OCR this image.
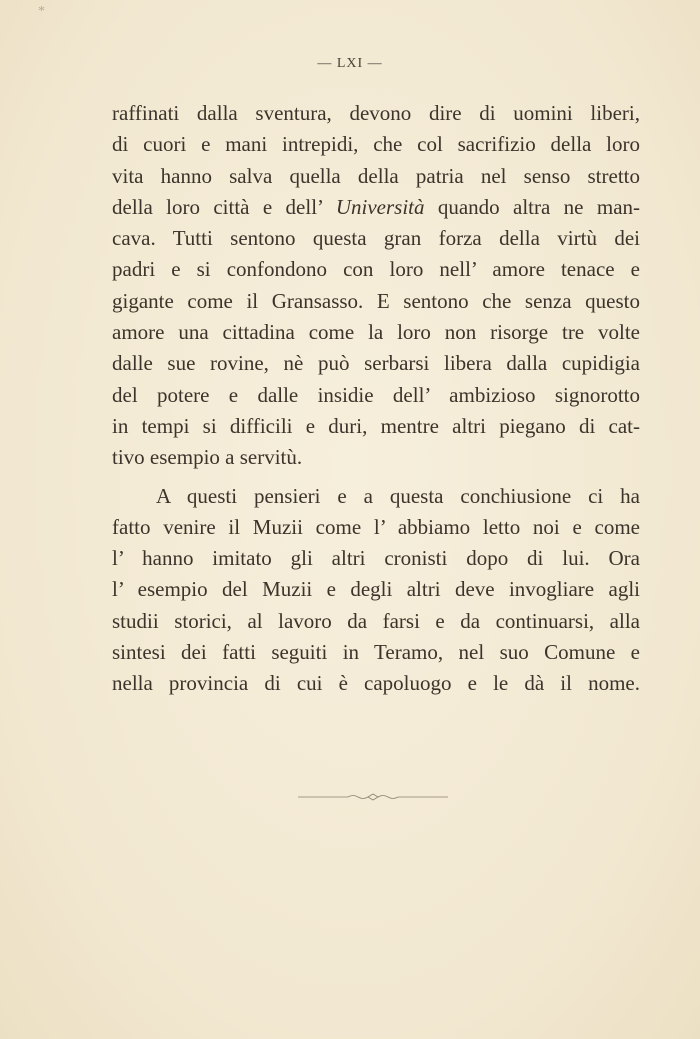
*
— LXI —

raffinati dalla sventura, devono dire di uomini liberi,
di cuori e mani intrepidi, che col sacrifizio della loro
vita hanno salva quella della patria nel senso stretto
della loro città e dell’ Università quando altra ne man-
cava. Tutti sentono questa gran forza della virtù dei
padri e si confondono con loro nell’ amore tenace e
gigante come il Gransasso. E sentono che senza questo
amore una cittadina come la loro non risorge tre volte
dalle sue rovine, nè può serbarsi libera dalla cupidigia
del potere e dalle insidie dell’ ambizioso signorotto
in tempi si difficili e duri, mentre altri piegano di cat-
tivo esempio a servitù.

A questi pensieri e a questa conchiusione ci ha
fatto venire il Muzii come l’ abbiamo letto noi e come
l’ hanno imitato gli altri cronisti dopo di lui. Ora
l’ esempio del Muzii e degli altri deve invogliare agli
studii storici, al lavoro da farsi e da continuarsi, alla
sintesi dei fatti seguiti in Teramo, nel suo Comune e
nella provincia di cui è capoluogo e le dà il nome.
